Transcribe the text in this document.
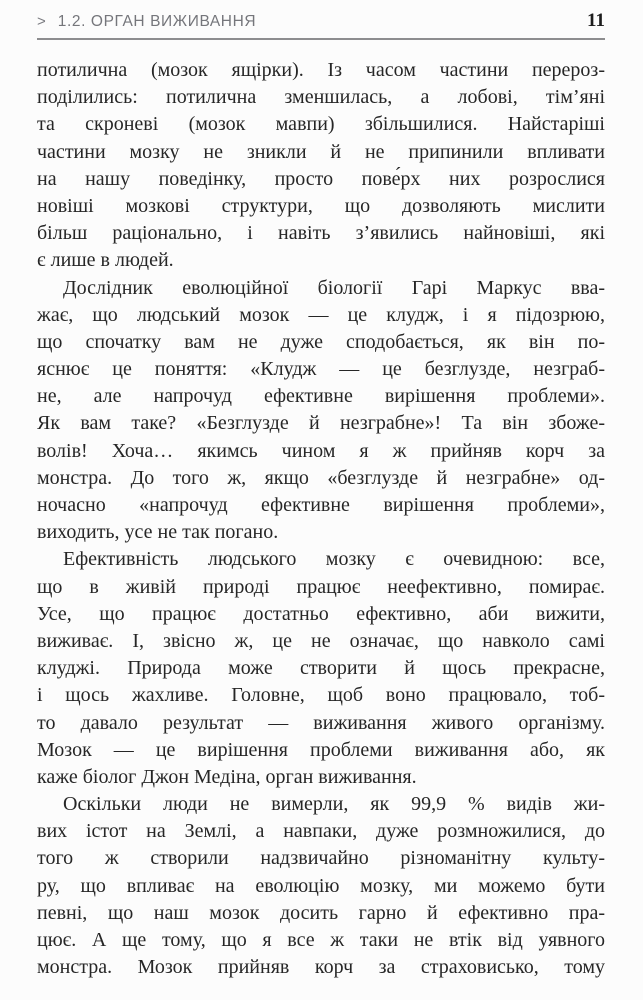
> 1.2. ОРГАН ВИЖИВАННЯ	11
потилична (мозок ящірки). Із часом частини перероз-
поділились: потилична зменшилась, а лобові, тім’яні
та скроневі (мозок мавпи) збільшилися. Найстаріші
частини мозку не зникли й не припинили впливати
на нашу поведінку, просто пове́рх них розрослися
новіші мозкові структури, що дозволяють мислити
більш раціонально, і навіть з’явились найновіші, які
є лише в людей.
Дослідник еволюційної біології Гарі Маркус вва-
жає, що людський мозок — це клудж, і я підозрюю,
що спочатку вам не дуже сподобається, як він по-
яснює це поняття: «Клудж — це безглузде, незграб-
не, але напрочуд ефективне вирішення проблеми».
Як вам таке? «Безглузде й незграбне»! Та він збоже-
волів! Хоча… якимсь чином я ж прийняв корч за
монстра. До того ж, якщо «безглузде й незграбне» од-
ночасно «напрочуд ефективне вирішення проблеми»,
виходить, усе не так погано.
Ефективність людського мозку є очевидною: все,
що в живій природі працює неефективно, помирає.
Усе, що працює достатньо ефективно, аби вижити,
виживає. І, звісно ж, це не означає, що навколо самі
клуджі. Природа може створити й щось прекрасне,
і щось жахливе. Головне, щоб воно працювало, тоб-
то давало результат — виживання живого організму.
Мозок — це вирішення проблеми виживання або, як
каже біолог Джон Медіна, орган виживання.
Оскільки люди не вимерли, як 99,9 % видів жи-
вих істот на Землі, а навпаки, дуже розмножилися, до
того ж створили надзвичайно різноманітну культу-
ру, що впливає на еволюцію мозку, ми можемо бути
певні, що наш мозок досить гарно й ефективно пра-
цює. А ще тому, що я все ж таки не втік від уявного
монстра. Мозок прийняв корч за страховисько, тому
